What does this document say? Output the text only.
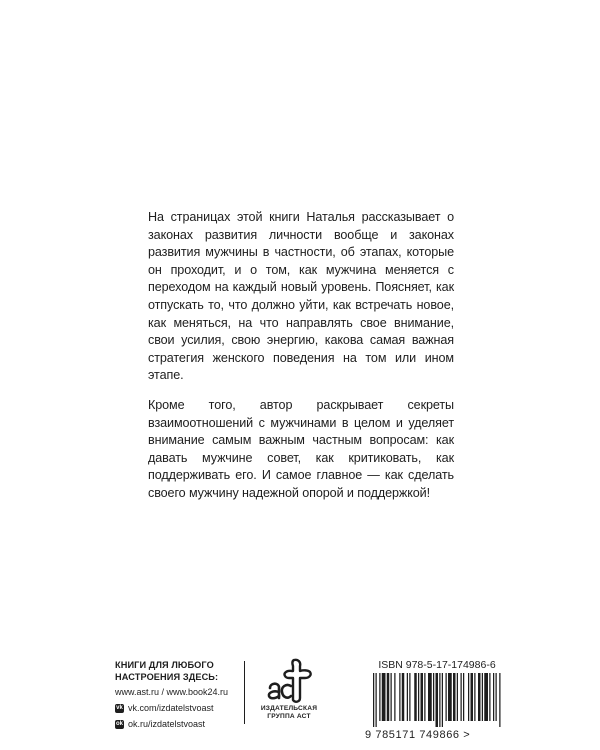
На страницах этой книги Наталья рассказывает о законах развития личности вообще и законах развития мужчины в частности, об этапах, которые он проходит, и о том, как мужчина меняется с переходом на каждый новый уровень. Поясняет, как отпускать то, что должно уйти, как встречать новое, как меняться, на что направлять свое внимание, свои усилия, свою энергию, какова самая важная стратегия женского поведения на том или ином этапе.

Кроме того, автор раскрывает секреты взаимоотношений с мужчинами в целом и уделяет внимание самым важным частным вопросам: как давать мужчине совет, как критиковать, как поддерживать его. И самое главное — как сделать своего мужчину надежной опорой и поддержкой!

КНИГИ ДЛЯ ЛЮБОГО
НАСТРОЕНИЯ ЗДЕСЬ:
www.ast.ru / www.book24.ru
vk vk.com/izdatelstvoast
ok ok.ru/izdatelstvoast
ИЗДАТЕЛЬСКАЯ
ГРУППА АСТ
ISBN 978-5-17-174986-6
9 785171 749866 >
